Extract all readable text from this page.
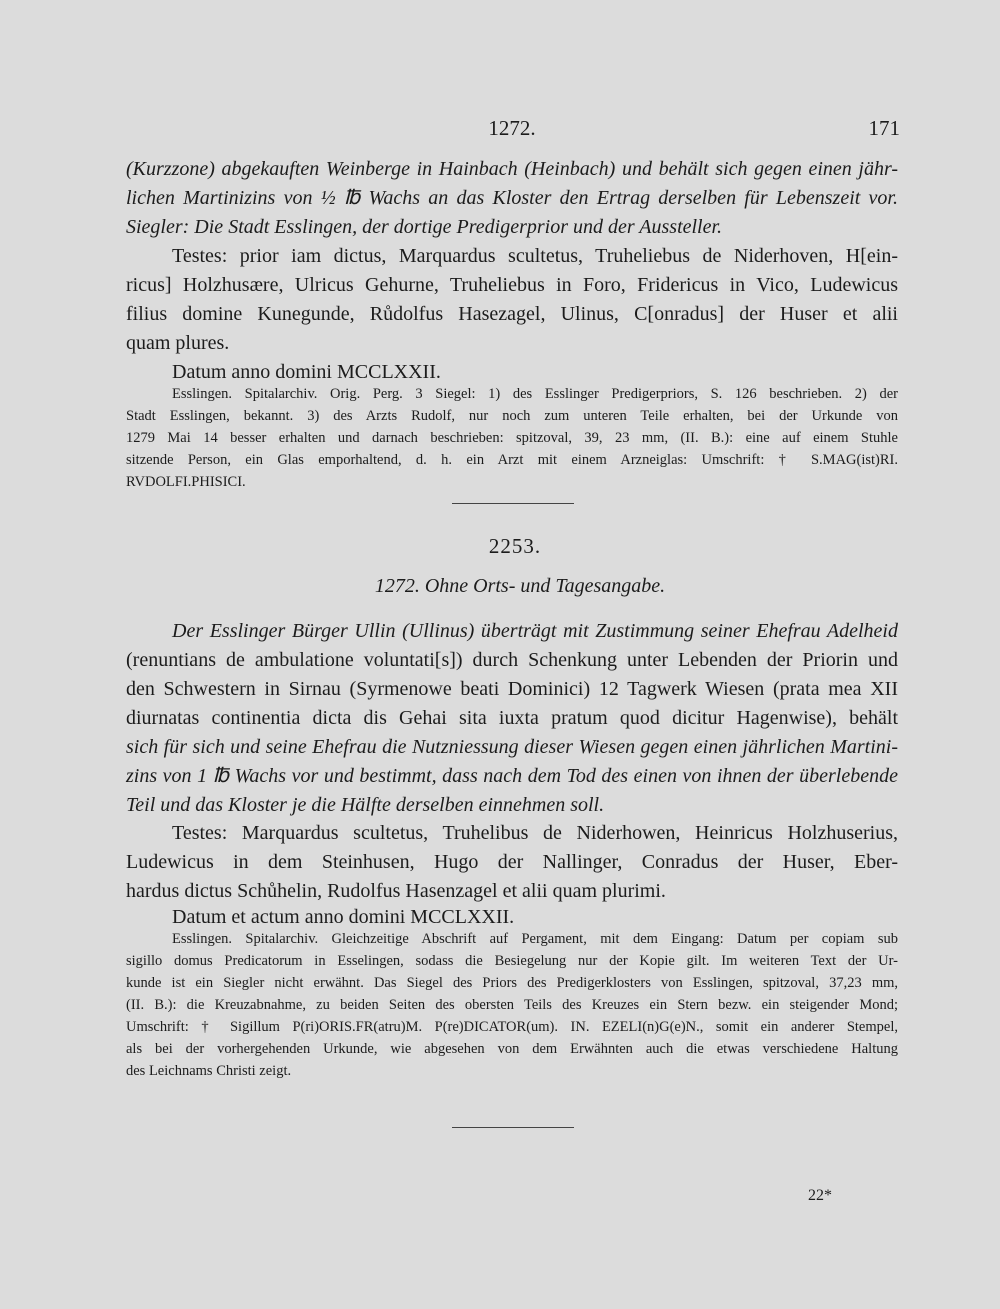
1272.	171
(Kurzzone) abgekauften Weinberge in Hainbach (Heinbach) und behält sich gegen einen jähr-
lichen Martinizins von ½ ℔ Wachs an das Kloster den Ertrag derselben für Lebenszeit vor.
Siegler: Die Stadt Esslingen, der dortige Predigerprior und der Aussteller.
Testes: prior iam dictus, Marquardus scultetus, Truheliebus de Niderhoven, H[ein-
ricus] Holzhusære, Ulricus Gehurne, Truheliebus in Foro, Fridericus in Vico, Ludewicus
filius domine Kunegunde, Růdolfus Hasezagel, Ulinus, C[onradus] der Huser et alii
quam plures.
Datum anno domini MCCLXXII.
Esslingen. Spitalarchiv. Orig. Perg. 3 Siegel: 1) des Esslinger Predigerpriors, S. 126 beschrieben. 2) der
Stadt Esslingen, bekannt. 3) des Arzts Rudolf, nur noch zum unteren Teile erhalten, bei der Urkunde von
1279 Mai 14 besser erhalten und darnach beschrieben: spitzoval, 39, 23 mm, (II. B.): eine auf einem Stuhle
sitzende Person, ein Glas emporhaltend, d. h. ein Arzt mit einem Arzneiglas: Umschrift: † S.MAG(ist)RI.
RVDOLFI.PHISICI.
2253.
1272. Ohne Orts- und Tagesangabe.
Der Esslinger Bürger Ullin (Ullinus) überträgt mit Zustimmung seiner Ehefrau Adelheid
(renuntians de ambulatione voluntati[s]) durch Schenkung unter Lebenden der Priorin und
den Schwestern in Sirnau (Syrmenowe beati Dominici) 12 Tagwerk Wiesen (prata mea XII
diurnatas continentia dicta dis Gehai sita iuxta pratum quod dicitur Hagenwise), behält
sich für sich und seine Ehefrau die Nutzniessung dieser Wiesen gegen einen jährlichen Martini-
zins von 1 ℔ Wachs vor und bestimmt, dass nach dem Tod des einen von ihnen der überlebende
Teil und das Kloster je die Hälfte derselben einnehmen soll.
Testes: Marquardus scultetus, Truhelibus de Niderhowen, Heinricus Holzhuserius,
Ludewicus in dem Steinhusen, Hugo der Nallinger, Conradus der Huser, Eber-
hardus dictus Schůhelin, Rudolfus Hasenzagel et alii quam plurimi.
Datum et actum anno domini MCCLXXII.
Esslingen. Spitalarchiv. Gleichzeitige Abschrift auf Pergament, mit dem Eingang: Datum per copiam sub
sigillo domus Predicatorum in Esselingen, sodass die Besiegelung nur der Kopie gilt. Im weiteren Text der Ur-
kunde ist ein Siegler nicht erwähnt. Das Siegel des Priors des Predigerklosters von Esslingen, spitzoval, 37,23 mm,
(II. B.): die Kreuzabnahme, zu beiden Seiten des obersten Teils des Kreuzes ein Stern bezw. ein steigender Mond;
Umschrift: † Sigillum P(ri)ORIS.FR(atru)M. P(re)DICATOR(um). IN. EZELI(n)G(e)N., somit ein anderer Stempel,
als bei der vorhergehenden Urkunde, wie abgesehen von dem Erwähnten auch die etwas verschiedene Haltung
des Leichnams Christi zeigt.
22*
